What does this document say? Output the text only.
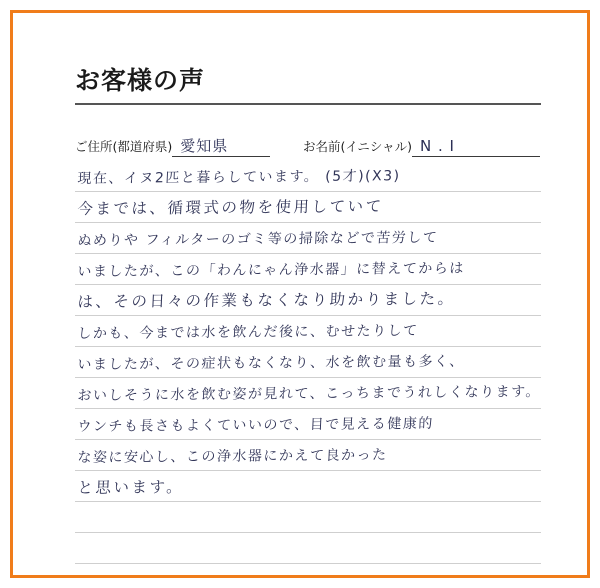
お客様の声
ご住所(都道府県) 愛知県	お名前(イニシャル) N . I
現在、イヌ2匹と暮らしています。 (5才)(X3)
今までは、循環式の物を使用していて
ぬめりや フィルターのゴミ等の掃除などで苦労して
いましたが、この「わんにゃん浄水器」に替えてからは
は、その日々の作業もなくなり助かりました。
しかも、今までは水を飲んだ後に、むせたりして
いましたが、その症状もなくなり、水を飲む量も多く、
おいしそうに水を飲む姿が見れて、こっちまでうれしくなります。
ウンチも長さもよくていいので、目で見える健康的
な姿に安心し、この浄水器にかえて良かった
と思います。
